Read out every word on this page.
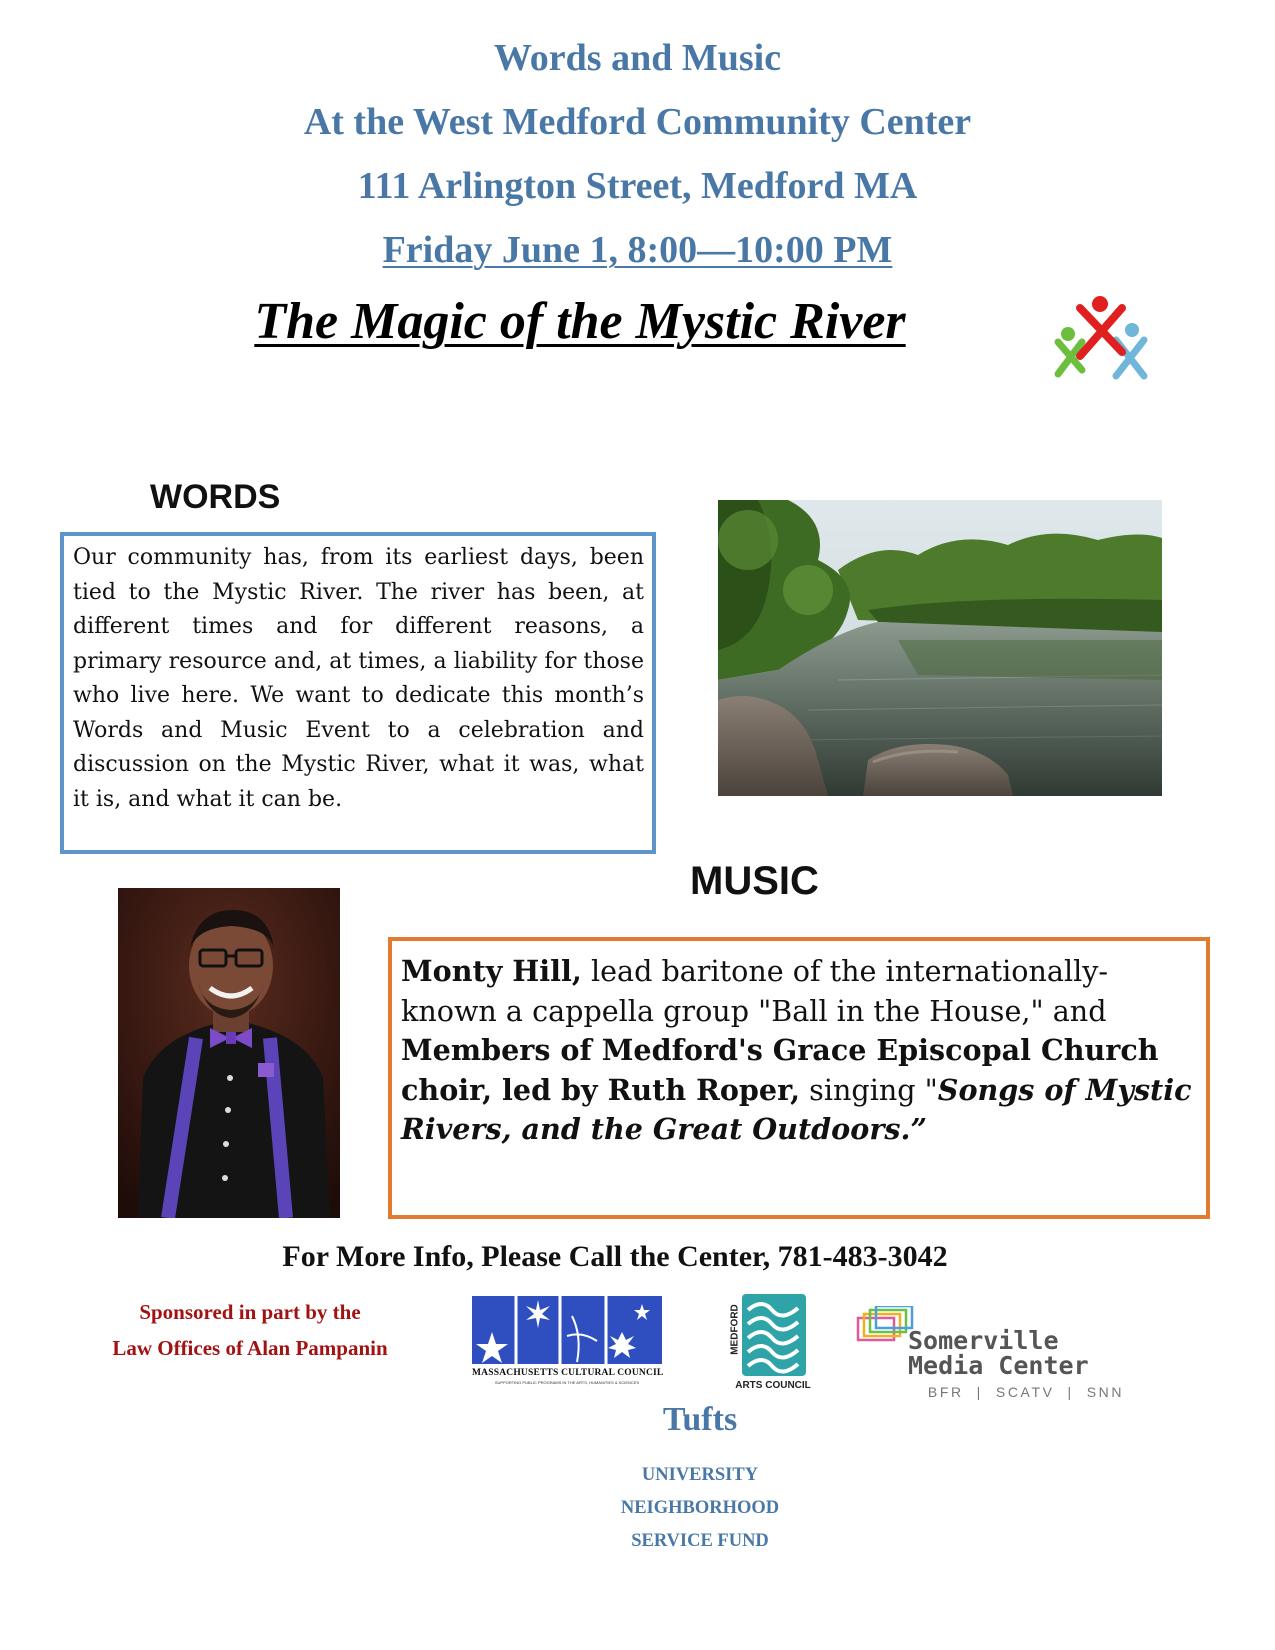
Words and Music
At the West Medford Community Center
111 Arlington Street, Medford MA
Friday June 1, 8:00—10:00 PM
The Magic of the Mystic River
WORDS

Our community has, from its earliest days, been tied to the Mystic River. The river has been, at different times and for different reasons, a primary resource and, at times, a liability for those who live here. We want to dedicate this month’s Words and Music Event to a celebration and discussion on the Mystic River, what it was, what it is, and what it can be.

MUSIC

Monty Hill, lead baritone of the internationally-known a cappella group "Ball in the House," and Members of Medford's Grace Episcopal Church choir, led by Ruth Roper, singing "Songs of Mystic Rivers, and the Great Outdoors.”

For More Info, Please Call the Center, 781-483-3042
Sponsored in part by the
Law Offices of Alan Pampanin
MASSACHUSETTS CULTURAL COUNCIL
SUPPORTING PUBLIC PROGRAMS IN THE ARTS, HUMANITIES & SCIENCES
MEDFORD
ARTS COUNCIL
Somerville
Media Center
BFR  |  SCATV  |  SNN
Tufts
UNIVERSITY
NEIGHBORHOOD
SERVICE FUND
